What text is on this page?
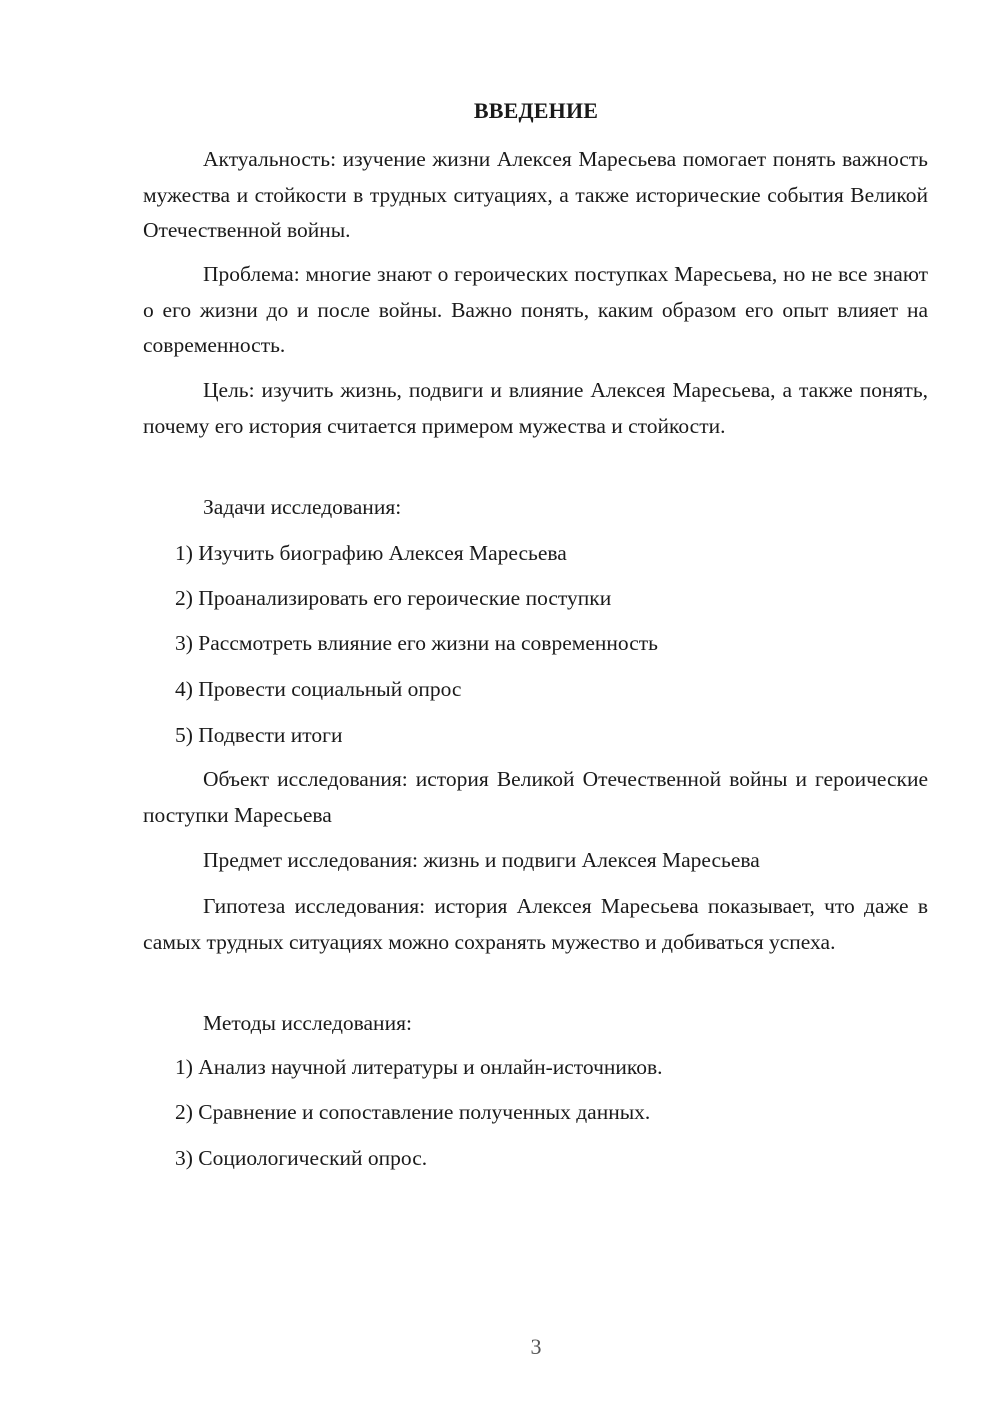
ВВЕДЕНИЕ

Актуальность: изучение жизни Алексея Маресьева помогает понять важность мужества и стойкости в трудных ситуациях, а также исторические события Великой Отечественной войны.

Проблема: многие знают о героических поступках Маресьева, но не все знают о его жизни до и после войны. Важно понять, каким образом его опыт влияет на современность.

Цель: изучить жизнь, подвиги и влияние Алексея Маресьева, а также понять, почему его история считается примером мужества и стойкости.

Задачи исследования:

1) Изучить биографию Алексея Маресьева

2) Проанализировать его героические поступки

3) Рассмотреть влияние его жизни на современность

4) Провести социальный опрос

5) Подвести итоги

Объект исследования: история Великой Отечественной войны и героические поступки Маресьева

Предмет исследования: жизнь и подвиги Алексея Маресьева

Гипотеза исследования: история Алексея Маресьева показывает, что даже в самых трудных ситуациях можно сохранять мужество и добиваться успеха.

Методы исследования:

1) Анализ научной литературы и онлайн-источников.

2) Сравнение и сопоставление полученных данных.

3) Социологический опрос.

3
